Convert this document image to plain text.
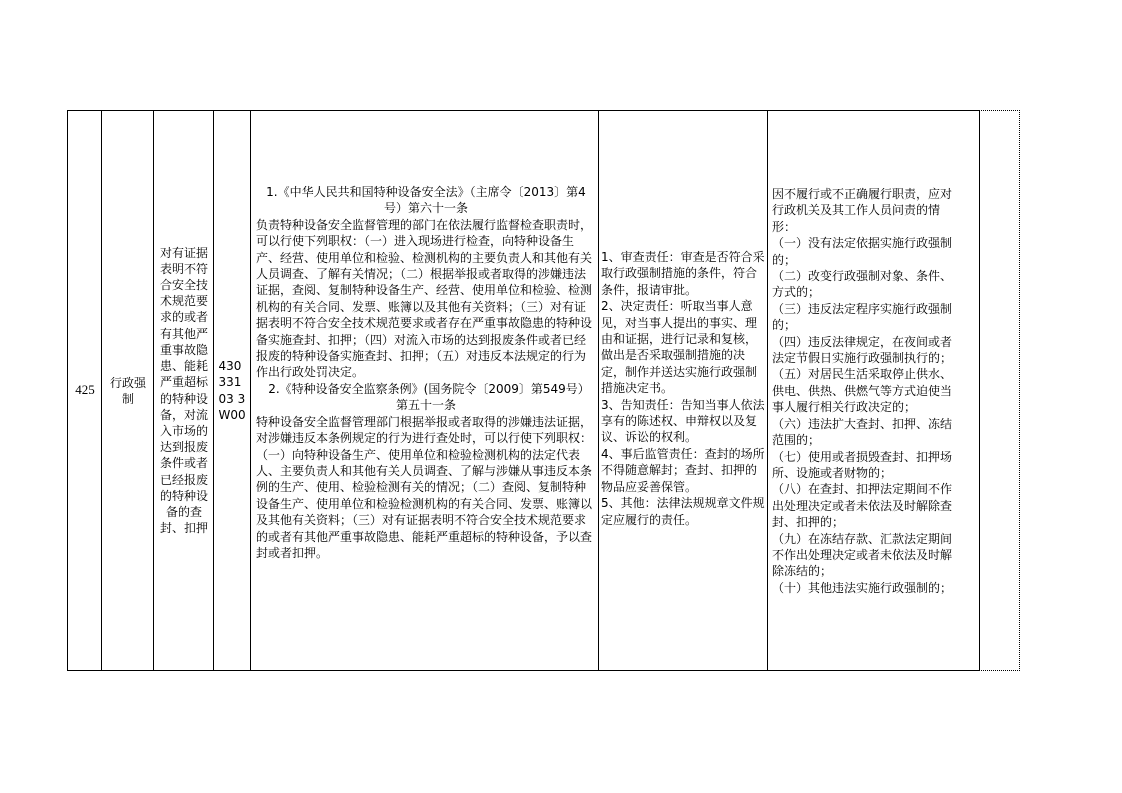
425 行政强制

对有证据表明不符合安全技术规范要求的或者有其他严重事故隐患、能耗严重超标的特种设备，对流入市场的达到报废条件或者已经报废的特种设备的查封、扣押

43033103 3W00

1.《中华人民共和国特种设备安全法》（主席令〔2013〕第4号）第六十一条

负责特种设备安全监督管理的部门在依法履行监督检查职责时，可以行使下列职权：（一）进入现场进行检查，向特种设备生产、经营、使用单位和检验、检测机构的主要负责人和其他有关人员调查、了解有关情况；（二）根据举报或者取得的涉嫌违法证据，查阅、复制特种设备生产、经营、使用单位和检验、检测机构的有关合同、发票、账簿以及其他有关资料；（三）对有证据表明不符合安全技术规范要求或者存在严重事故隐患的特种设备实施查封、扣押；（四）对流入市场的达到报废条件或者已经报废的特种设备实施查封、扣押；（五）对违反本法规定的行为作出行政处罚决定。

2.《特种设备安全监察条例》(国务院令〔2009〕第549号）第五十一条

特种设备安全监督管理部门根据举报或者取得的涉嫌违法证据，对涉嫌违反本条例规定的行为进行查处时，可以行使下列职权：（一）向特种设备生产、使用单位和检验检测机构的法定代表人、主要负责人和其他有关人员调查、了解与涉嫌从事违反本条例的生产、使用、检验检测有关的情况；（二）查阅、复制特种设备生产、使用单位和检验检测机构的有关合同、发票、账簿以及其他有关资料；（三）对有证据表明不符合安全技术规范要求的或者有其他严重事故隐患、能耗严重超标的特种设备，予以查封或者扣押。

1、审查责任：审查是否符合采取行政强制措施的条件，符合条件，报请审批。

2、决定责任：听取当事人意见，对当事人提出的事实、理由和证据，进行记录和复核，做出是否采取强制措施的决定，制作并送达实施行政强制措施决定书。

3、告知责任：告知当事人依法享有的陈述权、申辩权以及复议、诉讼的权利。

4、事后监管责任：查封的场所不得随意解封；查封、扣押的物品应妥善保管。

5、其他：法律法规规章文件规定应履行的责任。

因不履行或不正确履行职责，应对行政机关及其工作人员问责的情形：

（一）没有法定依据实施行政强制的；

（二）改变行政强制对象、条件、方式的；

（三）违反法定程序实施行政强制的；

（四）违反法律规定，在夜间或者法定节假日实施行政强制执行的；

（五）对居民生活采取停止供水、供电、供热、供燃气等方式迫使当事人履行相关行政决定的；

（六）违法扩大查封、扣押、冻结范围的；

（七）使用或者损毁查封、扣押场所、设施或者财物的；

（八）在查封、扣押法定期间不作出处理决定或者未依法及时解除查封、扣押的；

（九）在冻结存款、汇款法定期间不作出处理决定或者未依法及时解除冻结的；

（十）其他违法实施行政强制的；
